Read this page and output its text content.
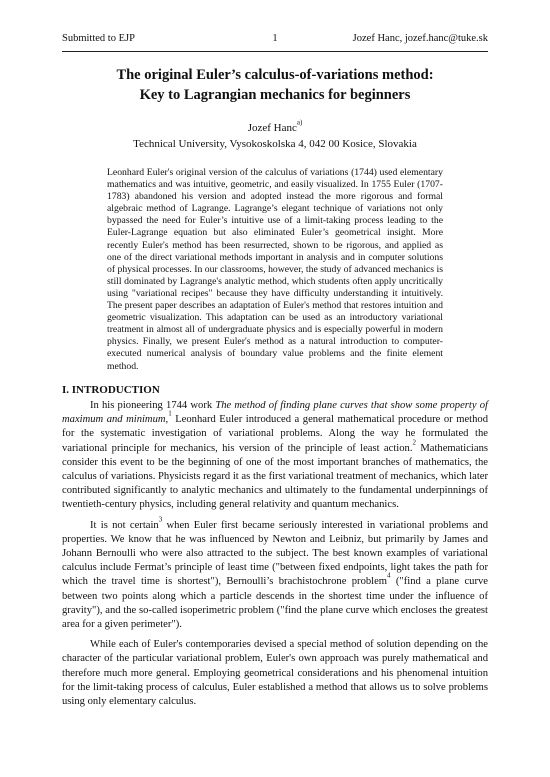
Submitted to EJP	1	Jozef Hanc, jozef.hanc@tuke.sk
The original Euler’s calculus-of-variations method:
Key to Lagrangian mechanics for beginners
Jozef Hanc$^{a)}$
Technical University, Vysokoskolska 4, 042 00 Kosice, Slovakia
Leonhard Euler's original version of the calculus of variations (1744) used elementary mathematics and was intuitive, geometric, and easily visualized. In 1755 Euler (1707-1783) abandoned his version and adopted instead the more rigorous and formal algebraic method of Lagrange. Lagrange’s elegant technique of variations not only bypassed the need for Euler’s intuitive use of a limit-taking process leading to the Euler-Lagrange equation but also eliminated Euler’s geometrical insight. More recently Euler's method has been resurrected, shown to be rigorous, and applied as one of the direct variational methods important in analysis and in computer solutions of physical processes. In our classrooms, however, the study of advanced mechanics is still dominated by Lagrange's analytic method, which students often apply uncritically using "variational recipes" because they have difficulty understanding it intuitively. The present paper describes an adaptation of Euler's method that restores intuition and geometric visualization. This adaptation can be used as an introductory variational treatment in almost all of undergraduate physics and is especially powerful in modern physics. Finally, we present Euler's method as a natural introduction to computer-executed numerical analysis of boundary value problems and the finite element method.
I. INTRODUCTION

In his pioneering 1744 work The method of finding plane curves that show some property of maximum and minimum,$^1$ Leonhard Euler introduced a general mathematical procedure or method for the systematic investigation of variational problems. Along the way he formulated the variational principle for mechanics, his version of the principle of least action.$^2$ Mathematicians consider this event to be the beginning of one of the most important branches of mathematics, the calculus of variations. Physicists regard it as the first variational treatment of mechanics, which later contributed significantly to analytic mechanics and ultimately to the fundamental underpinnings of twentieth-century physics, including general relativity and quantum mechanics.

It is not certain$^3$ when Euler first became seriously interested in variational problems and properties. We know that he was influenced by Newton and Leibniz, but primarily by James and Johann Bernoulli who were also attracted to the subject. The best known examples of variational calculus include Fermat’s principle of least time ("between fixed endpoints, light takes the path for which the travel time is shortest"), Bernoulli’s brachistochrone problem$^4$ ("find a plane curve between two points along which a particle descends in the shortest time under the influence of gravity"), and the so-called isoperimetric problem ("find the plane curve which encloses the greatest area for a given perimeter").

While each of Euler's contemporaries devised a special method of solution depending on the character of the particular variational problem, Euler's own approach was purely mathematical and therefore much more general. Employing geometrical considerations and his phenomenal intuition for the limit-taking process of calculus, Euler established a method that allows us to solve problems using only elementary calculus.
